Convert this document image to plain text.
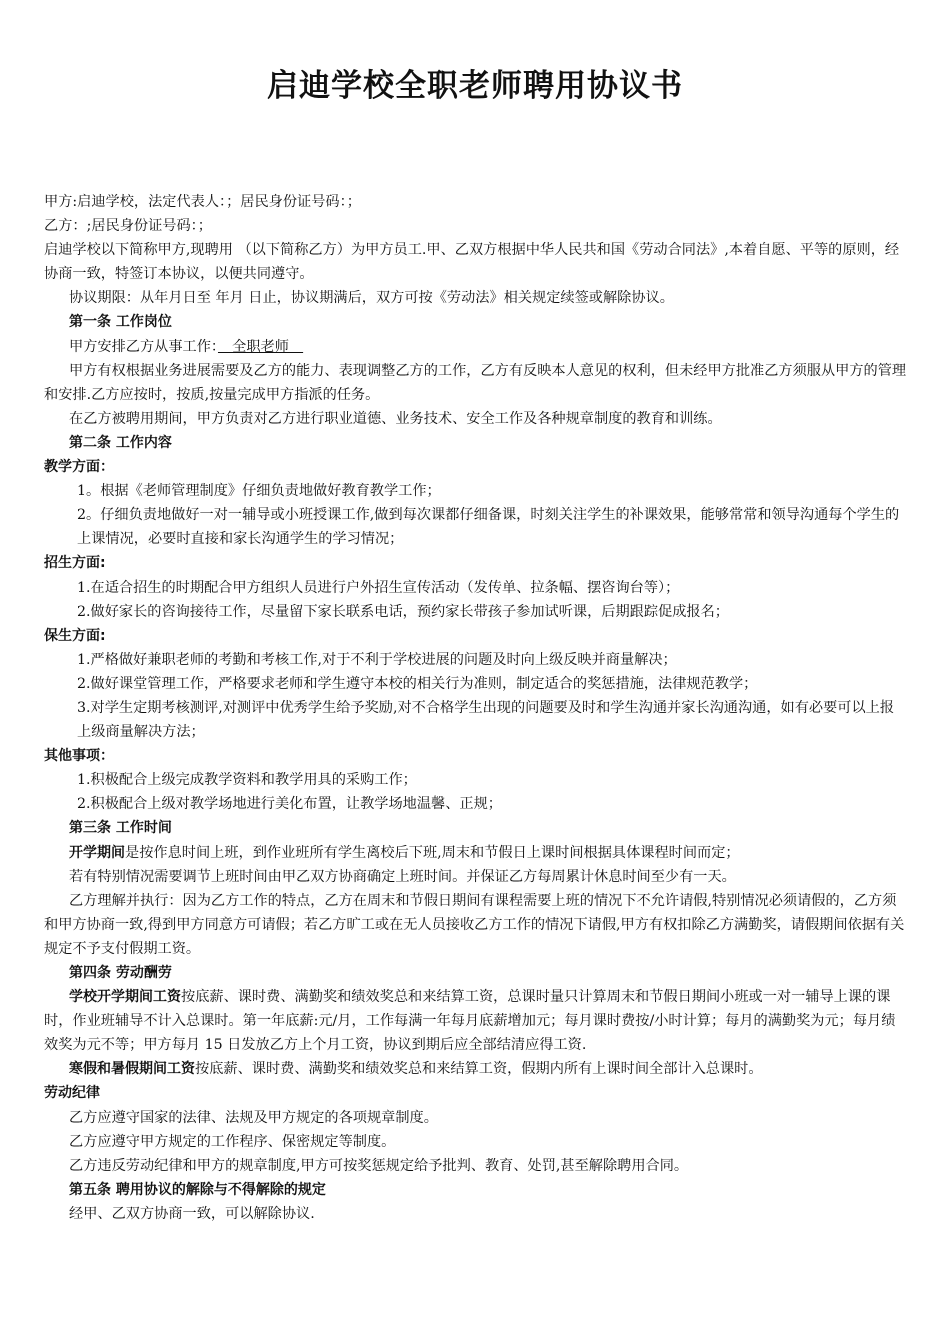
启迪学校全职老师聘用协议书

甲方:启迪学校，法定代表人：；居民身份证号码：；

乙方：;居民身份证号码：；

启迪学校以下简称甲方,现聘用 （以下简称乙方）为甲方员工.甲、乙双方根据中华人民共和国《劳动合同法》,本着自愿、平等的原则，经协商一致，特签订本协议，以便共同遵守。

协议期限：从年月日至 年月 日止，协议期满后，双方可按《劳动法》相关规定续签或解除协议。

第一条 工作岗位

甲方安排乙方从事工作：　全职老师　

甲方有权根据业务进展需要及乙方的能力、表现调整乙方的工作，乙方有反映本人意见的权利，但未经甲方批准乙方须服从甲方的管理和安排.乙方应按时，按质,按量完成甲方指派的任务。

在乙方被聘用期间，甲方负责对乙方进行职业道德、业务技术、安全工作及各种规章制度的教育和训练。

第二条 工作内容

教学方面：

1。根据《老师管理制度》仔细负责地做好教育教学工作；

2。仔细负责地做好一对一辅导或小班授课工作,做到每次课都仔细备课，时刻关注学生的补课效果，能够常常和领导沟通每个学生的上课情况，必要时直接和家长沟通学生的学习情况；

招生方面:

1.在适合招生的时期配合甲方组织人员进行户外招生宣传活动（发传单、拉条幅、摆咨询台等）；

2.做好家长的咨询接待工作，尽量留下家长联系电话，预约家长带孩子参加试听课，后期跟踪促成报名；

保生方面:

1.严格做好兼职老师的考勤和考核工作,对于不利于学校进展的问题及时向上级反映并商量解决；

2.做好课堂管理工作，严格要求老师和学生遵守本校的相关行为准则，制定适合的奖惩措施，法律规范教学；

3.对学生定期考核测评,对测评中优秀学生给予奖励,对不合格学生出现的问题要及时和学生沟通并家长沟通沟通，如有必要可以上报上级商量解决方法；

其他事项：

1.积极配合上级完成教学资料和教学用具的采购工作；

2.积极配合上级对教学场地进行美化布置，让教学场地温馨、正规；

第三条 工作时间

开学期间是按作息时间上班，到作业班所有学生离校后下班,周末和节假日上课时间根据具体课程时间而定；

若有特别情况需要调节上班时间由甲乙双方协商确定上班时间。并保证乙方每周累计休息时间至少有一天。

乙方理解并执行：因为乙方工作的特点，乙方在周末和节假日期间有课程需要上班的情况下不允许请假,特别情况必须请假的，乙方须和甲方协商一致,得到甲方同意方可请假；若乙方旷工或在无人员接收乙方工作的情况下请假,甲方有权扣除乙方满勤奖，请假期间依据有关规定不予支付假期工资。

第四条 劳动酬劳

学校开学期间工资按底薪、课时费、满勤奖和绩效奖总和来结算工资，总课时量只计算周末和节假日期间小班或一对一辅导上课的课时，作业班辅导不计入总课时。第一年底薪:元/月，工作每满一年每月底薪增加元；每月课时费按/小时计算；每月的满勤奖为元；每月绩效奖为元不等；甲方每月 15 日发放乙方上个月工资，协议到期后应全部结清应得工资.

寒假和暑假期间工资按底薪、课时费、满勤奖和绩效奖总和来结算工资，假期内所有上课时间全部计入总课时。

劳动纪律

乙方应遵守国家的法律、法规及甲方规定的各项规章制度。

乙方应遵守甲方规定的工作程序、保密规定等制度。

乙方违反劳动纪律和甲方的规章制度,甲方可按奖惩规定给予批判、教育、处罚,甚至解除聘用合同。

第五条 聘用协议的解除与不得解除的规定

经甲、乙双方协商一致，可以解除协议.
